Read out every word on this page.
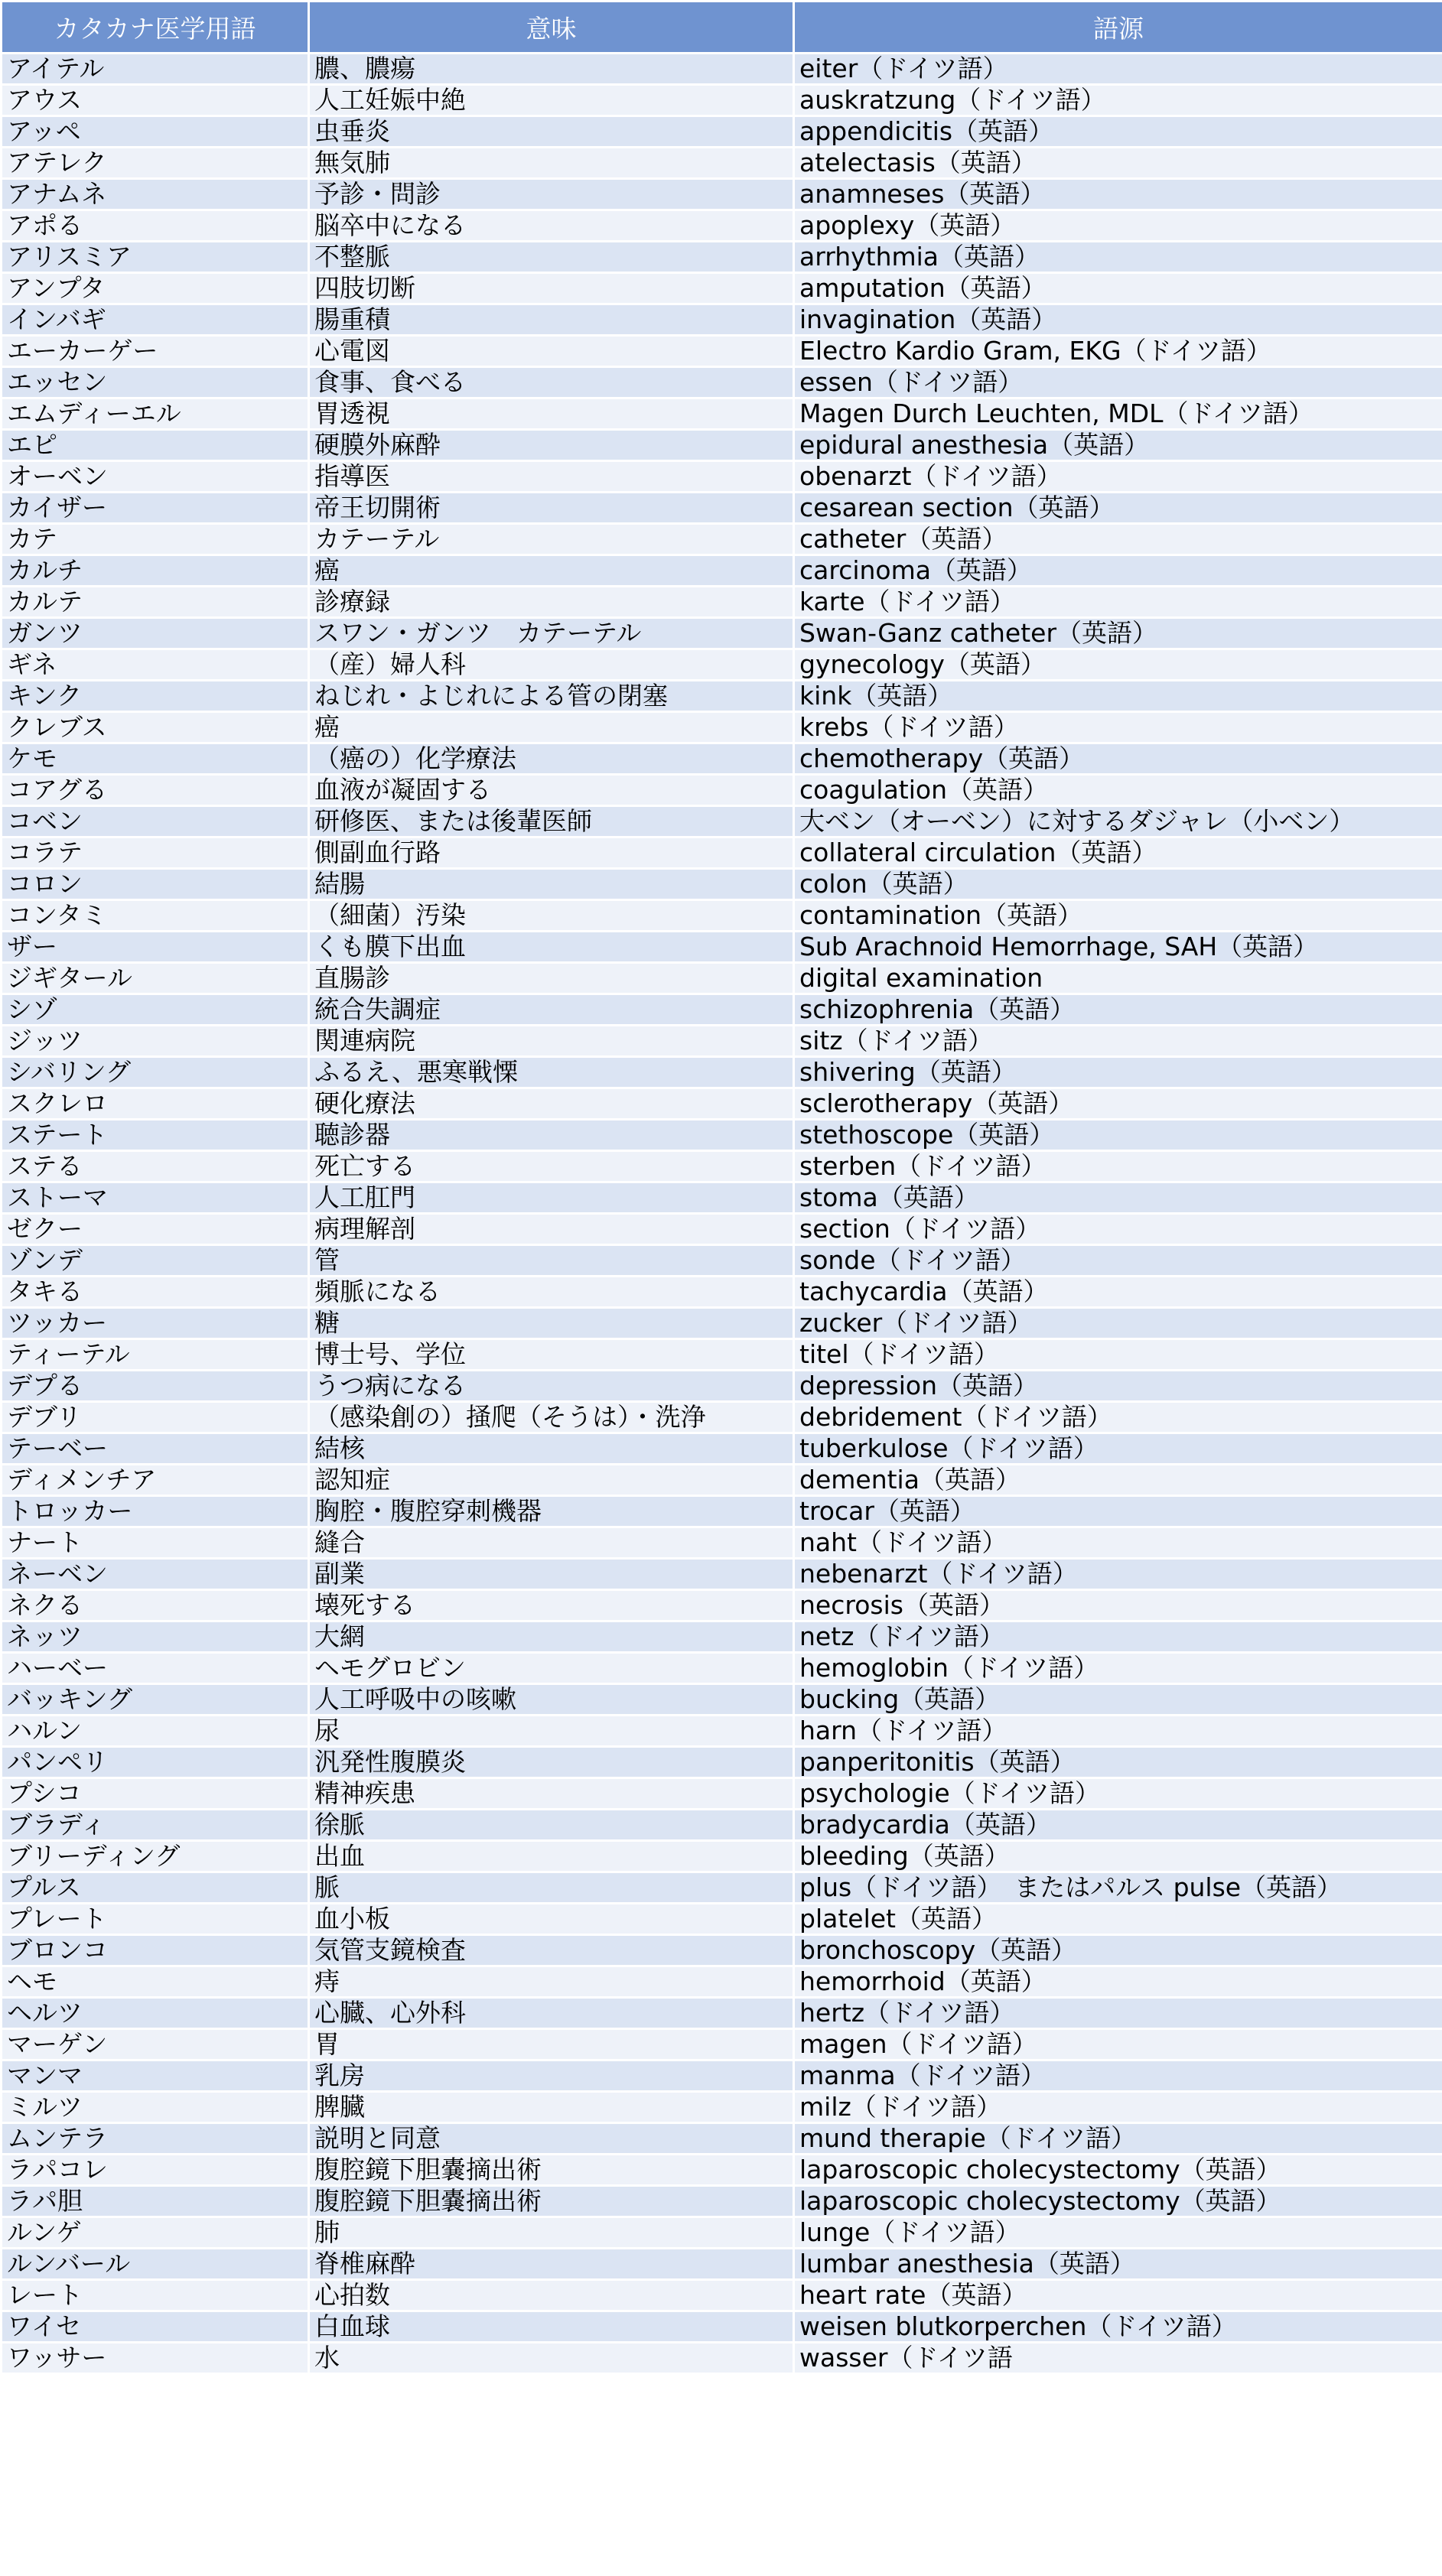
カタカナ医学用語	意味	語源
アイテル	膿、膿瘍	eiter（ドイツ語）
アウス	人工妊娠中絶	auskratzung（ドイツ語）
アッペ	虫垂炎	appendicitis（英語）
アテレク	無気肺	atelectasis（英語）
アナムネ	予診・問診	anamneses（英語）
アポる	脳卒中になる	apoplexy（英語）
アリスミア	不整脈	arrhythmia（英語）
アンプタ	四肢切断	amputation（英語）
インバギ	腸重積	invagination（英語）
エーカーゲー	心電図	Electro Kardio Gram, EKG（ドイツ語）
エッセン	食事、食べる	essen（ドイツ語）
エムディーエル	胃透視	Magen Durch Leuchten, MDL（ドイツ語）
エピ	硬膜外麻酔	epidural anesthesia（英語）
オーベン	指導医	obenarzt（ドイツ語）
カイザー	帝王切開術	cesarean section（英語）
カテ	カテーテル	catheter（英語）
カルチ	癌	carcinoma（英語）
カルテ	診療録	karte（ドイツ語）
ガンツ	スワン・ガンツ　カテーテル	Swan-Ganz catheter（英語）
ギネ	（産）婦人科	gynecology（英語）
キンク	ねじれ・よじれによる管の閉塞	kink（英語）
クレブス	癌	krebs（ドイツ語）
ケモ	（癌の）化学療法	chemotherapy（英語）
コアグる	血液が凝固する	coagulation（英語）
コベン	研修医、または後輩医師	大ベン（オーベン）に対するダジャレ（小ベン）
コラテ	側副血行路	collateral circulation（英語）
コロン	結腸	colon（英語）
コンタミ	（細菌）汚染	contamination（英語）
ザー	くも膜下出血	Sub Arachnoid Hemorrhage, SAH（英語）
ジギタール	直腸診	digital examination
シゾ	統合失調症	schizophrenia（英語）
ジッツ	関連病院	sitz（ドイツ語）
シバリング	ふるえ、悪寒戦慄	shivering（英語）
スクレロ	硬化療法	sclerotherapy（英語）
ステート	聴診器	stethoscope（英語）
ステる	死亡する	sterben（ドイツ語）
ストーマ	人工肛門	stoma（英語）
ゼクー	病理解剖	section（ドイツ語）
ゾンデ	管	sonde（ドイツ語）
タキる	頻脈になる	tachycardia（英語）
ツッカー	糖	zucker（ドイツ語）
ティーテル	博士号、学位	titel（ドイツ語）
デプる	うつ病になる	depression（英語）
デブリ	（感染創の）掻爬（そうは）・洗浄	debridement（ドイツ語）
テーベー	結核	tuberkulose（ドイツ語）
ディメンチア	認知症	dementia（英語）
トロッカー	胸腔・腹腔穿刺機器	trocar（英語）
ナート	縫合	naht（ドイツ語）
ネーベン	副業	nebenarzt（ドイツ語）
ネクる	壊死する	necrosis（英語）
ネッツ	大網	netz（ドイツ語）
ハーベー	ヘモグロビン	hemoglobin（ドイツ語）
バッキング	人工呼吸中の咳嗽	bucking（英語）
ハルン	尿	harn（ドイツ語）
パンペリ	汎発性腹膜炎	panperitonitis（英語）
プシコ	精神疾患	psychologie（ドイツ語）
ブラディ	徐脈	bradycardia（英語）
ブリーディング	出血	bleeding（英語）
プルス	脈	plus（ドイツ語）　またはパルス pulse（英語）
プレート	血小板	platelet（英語）
ブロンコ	気管支鏡検査	bronchoscopy（英語）
ヘモ	痔	hemorrhoid（英語）
ヘルツ	心臓、心外科	hertz（ドイツ語）
マーゲン	胃	magen（ドイツ語）
マンマ	乳房	manma（ドイツ語）
ミルツ	脾臓	milz（ドイツ語）
ムンテラ	説明と同意	mund therapie（ドイツ語）
ラパコレ	腹腔鏡下胆嚢摘出術	laparoscopic cholecystectomy（英語）
ラパ胆	腹腔鏡下胆嚢摘出術	laparoscopic cholecystectomy（英語）
ルンゲ	肺	lunge（ドイツ語）
ルンバール	脊椎麻酔	lumbar anesthesia（英語）
レート	心拍数	heart rate（英語）
ワイセ	白血球	weisen blutkorperchen（ドイツ語）
ワッサー	水	wasser（ドイツ語
